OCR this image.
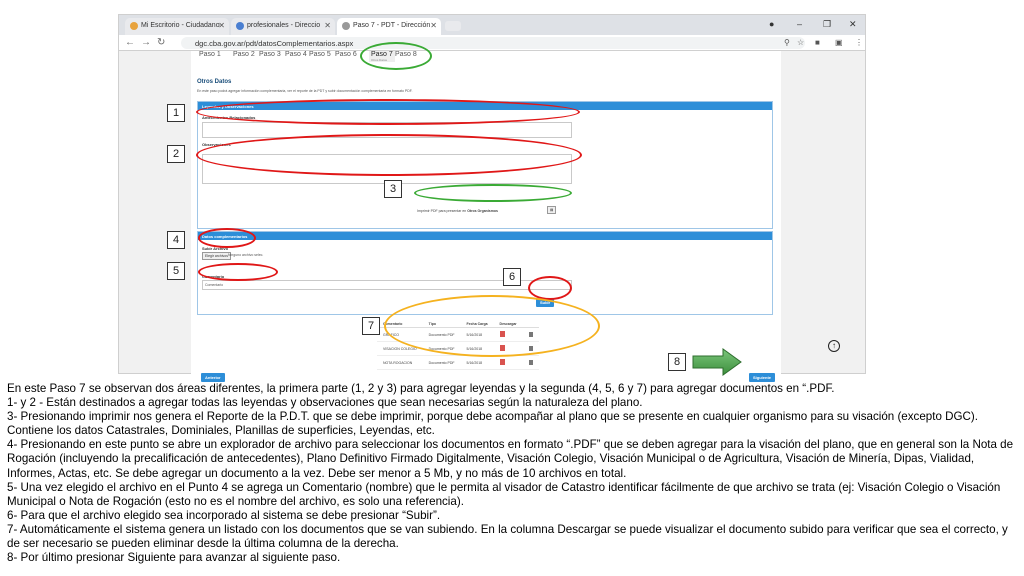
Mi Escritorio - Ciudadano
✕	profesionales - Direccio ✕	Paso 7 - PDT - Dirección ✕	●	– ❐ ✕
← → ↻	dgc.cba.gov.ar/pdt/datosComplementarios.aspx	⚲ ☆ ■ ▣ ⋮
Paso 1 Paso 2 Paso 3 Paso 4 Paso 5 Paso 6 Paso 7
Otros Datos
Paso 8
Otros Datos
En este paso podrá agregar información complementaria, ver el reporte de la PDT y subir documentación complementaria en formato PDF.
Leyendas y Observaciones
Antecedentes Relacionados
Observaciones
Imprimir PDF para presentar en Otros Organismos	▤
Datos complementarios
Subir Archivo
Elegir archivos Ninguno archivo selec.
Comentario
Comentario
Subir
Comentario	Tipo	Fecha Carga	Descargar	
GRAFICO	Documento PDF	5/16/2018		
VISACION COLEGIO	Documento PDF	5/16/2018		
NOTA ROGACION	Documento PDF	5/16/2018		
Anterior	Siguiente
1
2
3
4
5	6
7
8
↑

En este Paso 7 se observan dos áreas diferentes, la primera parte (1, 2 y 3) para agregar leyendas y la segunda (4, 5, 6 y 7) para agregar documentos en “.PDF.

1- y 2 - Están destinados a agregar todas las leyendas y observaciones que sean necesarias según la naturaleza del plano.

3- Presionando imprimir nos genera el Reporte de la P.D.T. que se debe imprimir, porque debe acompañar al plano que se presente en cualquier organismo para su visación (excepto DGC). Contiene los datos Catastrales, Dominiales, Planillas de superficies, Leyendas, etc.

4- Presionando en este punto se abre un explorador de archivo para seleccionar los documentos en formato “.PDF” que se deben agregar para la visación del plano, que en general son la Nota de Rogación (incluyendo la precalificación de antecedentes), Plano Definitivo Firmado Digitalmente, Visación Colegio, Visación Municipal o de Agricultura, Visación de Minería, Dipas, Vialidad, Informes, Actas, etc. Se debe agregar un documento a la vez. Debe ser menor a 5 Mb, y no más de 10 archivos en total.

5- Una vez elegido el archivo en el Punto 4 se agrega un Comentario (nombre) que le permita al visador de Catastro identificar fácilmente de que archivo se trata (ej: Visación Colegio o Visación Municipal o Nota de Rogación (esto no es el nombre del archivo, es solo una referencia).

6- Para que el archivo elegido sea incorporado al sistema se debe presionar “Subir”.

7- Automáticamente el sistema genera un listado con los documentos que se van subiendo. En la columna Descargar se puede visualizar el documento subido para verificar que sea el correcto, y de ser necesario se pueden eliminar desde la última columna de la derecha.

8- Por último presionar Siguiente para avanzar al siguiente paso.
